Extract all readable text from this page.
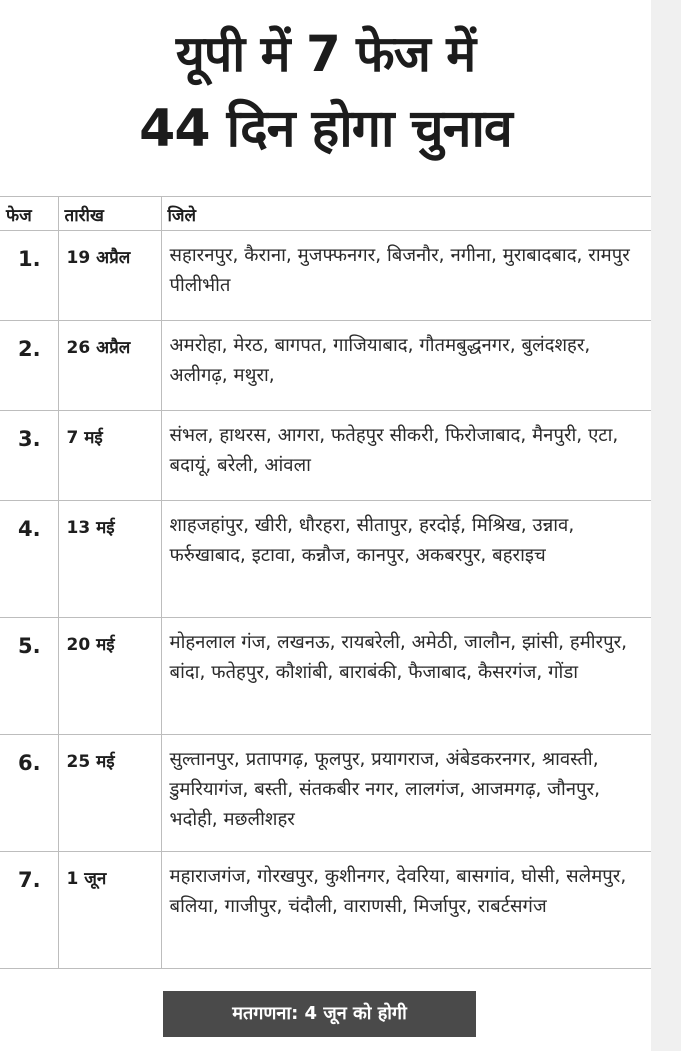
यूपी में 7 फेज में
44 दिन होगा चुनाव
फेज	तारीख	जिले
1.	19 अप्रैल	सहारनपुर, कैराना, मुजफ्फनगर, बिजनौर, नगीना, मुराबादबाद, रामपुर पीलीभीत
2.	26 अप्रैल	अमरोहा, मेरठ, बागपत, गाजियाबाद, गौतमबुद्धनगर, बुलंदशहर, अलीगढ़, मथुरा,
3.	7 मई	संभल, हाथरस, आगरा, फतेहपुर सीकरी, फिरोजाबाद, मैनपुरी, एटा, बदायूं, बरेली, आंवला
4.	13 मई	शाहजहांपुर, खीरी, धौरहरा, सीतापुर, हरदोई, मिश्रिख, उन्नाव, फर्रुखाबाद, इटावा, कन्नौज, कानपुर, अकबरपुर, बहराइच
5.	20 मई	मोहनलाल गंज, लखनऊ, रायबरेली, अमेठी, जालौन, झांसी, हमीरपुर, बांदा, फतेहपुर, कौशांबी, बाराबंकी, फैजाबाद, कैसरगंज, गोंडा
6.	25 मई	सुल्तानपुर, प्रतापगढ़, फूलपुर, प्रयागराज, अंबेडकरनगर, श्रावस्ती, डुमरियागंज, बस्ती, संतकबीर नगर, लालगंज, आजमगढ़, जौनपुर, भदोही, मछलीशहर
7.	1 जून	महाराजगंज, गोरखपुर, कुशीनगर, देवरिया, बासगांव, घोसी, सलेमपुर, बलिया, गाजीपुर, चंदौली, वाराणसी, मिर्जापुर, राबर्टसगंज
मतगणना: 4 जून को होगी
